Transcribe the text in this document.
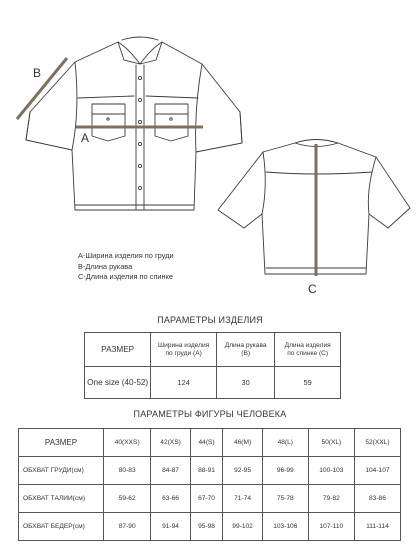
В
А
С
А-Ширина изделия по груди
В-Длина рукава
С-Длина изделия по спинке
ПАРАМЕТРЫ ИЗДЕЛИЯ
РАЗМЕР	Ширина изделия по груди (А)	Длина рукава (В)	Длина изделия по спинке (С)
One size (40-52)	124	30	59
ПАРАМЕТРЫ ФИГУРЫ ЧЕЛОВЕКА
РАЗМЕР	40(XXS)	42(XS)	44(S)	46(M)	48(L)	50(XL)	52(XXL)
ОБХВАТ ГРУДИ(см)	80-83	84-87	88-91	92-95	96-99	100-103	104-107
ОБХВАТ ТАЛИИ(см)	59-62	63-66	67-70	71-74	75-78	79-82	83-86
ОБХВАТ БЕДЕР(см)	87-90	91-94	95-98	99-102	103-106	107-110	111-114
